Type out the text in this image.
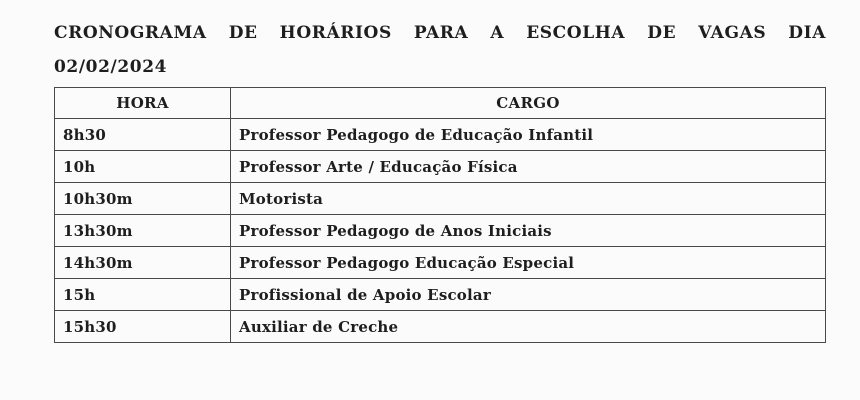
CRONOGRAMA DE HORÁRIOS PARA A ESCOLHA DE VAGAS DIA 02/02/2024

HORA	CARGO
8h30	Professor Pedagogo de Educação Infantil
10h	Professor Arte / Educação Física
10h30m	Motorista
13h30m	Professor Pedagogo de Anos Iniciais
14h30m	Professor Pedagogo Educação Especial
15h	Profissional de Apoio Escolar
15h30	Auxiliar de Creche
